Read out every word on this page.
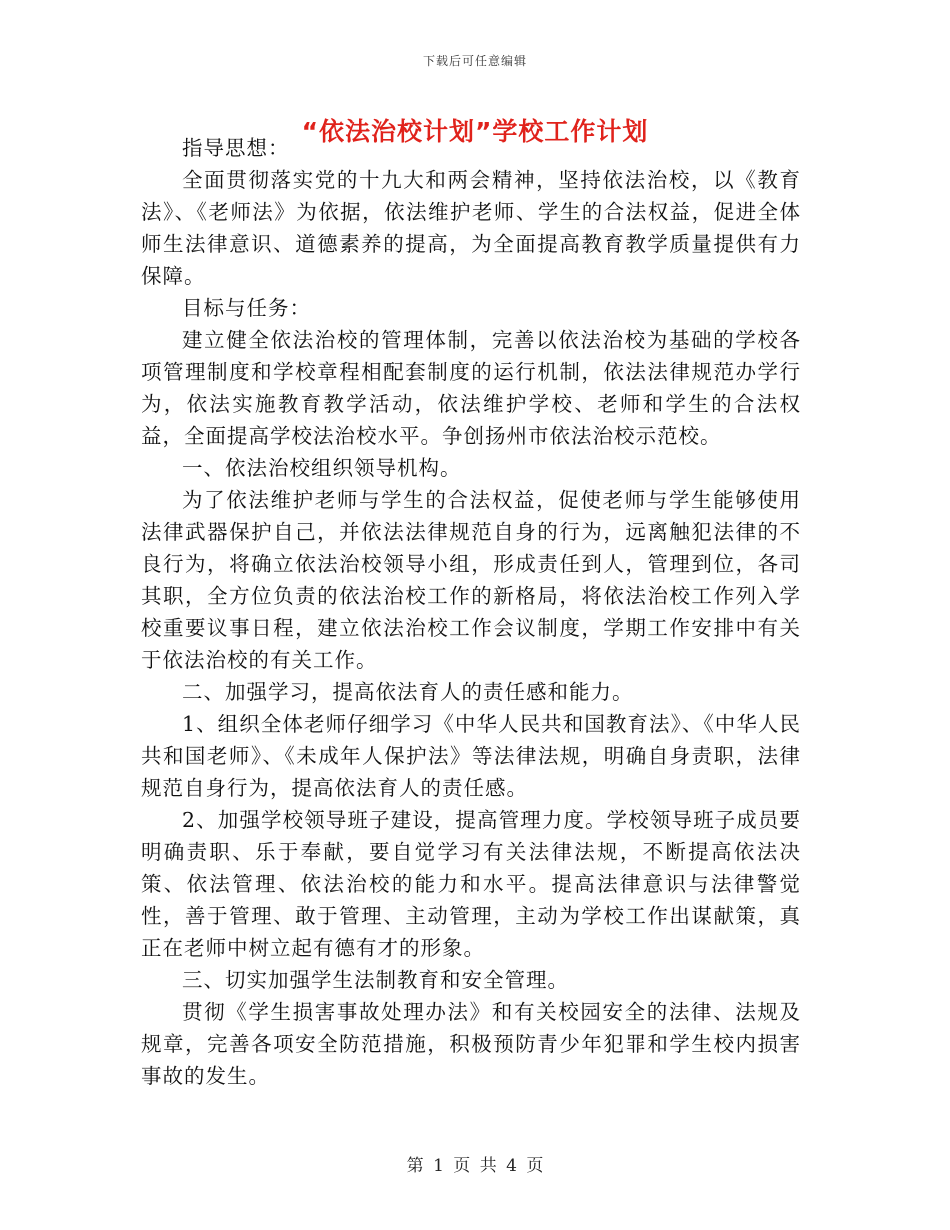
下载后可任意编辑
“依法治校计划”学校工作计划

指导思想：

全面贯彻落实党的十九大和两会精神，坚持依法治校，以《教育法》、《老师法》为依据，依法维护老师、学生的合法权益，促进全体师生法律意识、道德素养的提高，为全面提高教育教学质量提供有力保障。

目标与任务：

建立健全依法治校的管理体制，完善以依法治校为基础的学校各项管理制度和学校章程相配套制度的运行机制，依法法律规范办学行为，依法实施教育教学活动，依法维护学校、老师和学生的合法权益，全面提高学校法治校水平。争创扬州市依法治校示范校。

一、依法治校组织领导机构。

为了依法维护老师与学生的合法权益，促使老师与学生能够使用法律武器保护自己，并依法法律规范自身的行为，远离触犯法律的不良行为，将确立依法治校领导小组，形成责任到人，管理到位，各司其职，全方位负责的依法治校工作的新格局，将依法治校工作列入学校重要议事日程，建立依法治校工作会议制度，学期工作安排中有关于依法治校的有关工作。

二、加强学习，提高依法育人的责任感和能力。

1、组织全体老师仔细学习《中华人民共和国教育法》、《中华人民共和国老师》、《未成年人保护法》等法律法规，明确自身责职，法律规范自身行为，提高依法育人的责任感。

2、加强学校领导班子建设，提高管理力度。学校领导班子成员要明确责职、乐于奉献，要自觉学习有关法律法规，不断提高依法决策、依法管理、依法治校的能力和水平。提高法律意识与法律警觉性，善于管理、敢于管理、主动管理，主动为学校工作出谋献策，真正在老师中树立起有德有才的形象。

三、切实加强学生法制教育和安全管理。

贯彻《学生损害事故处理办法》和有关校园安全的法律、法规及规章，完善各项安全防范措施，积极预防青少年犯罪和学生校内损害事故的发生。

第 1 页 共 4 页
